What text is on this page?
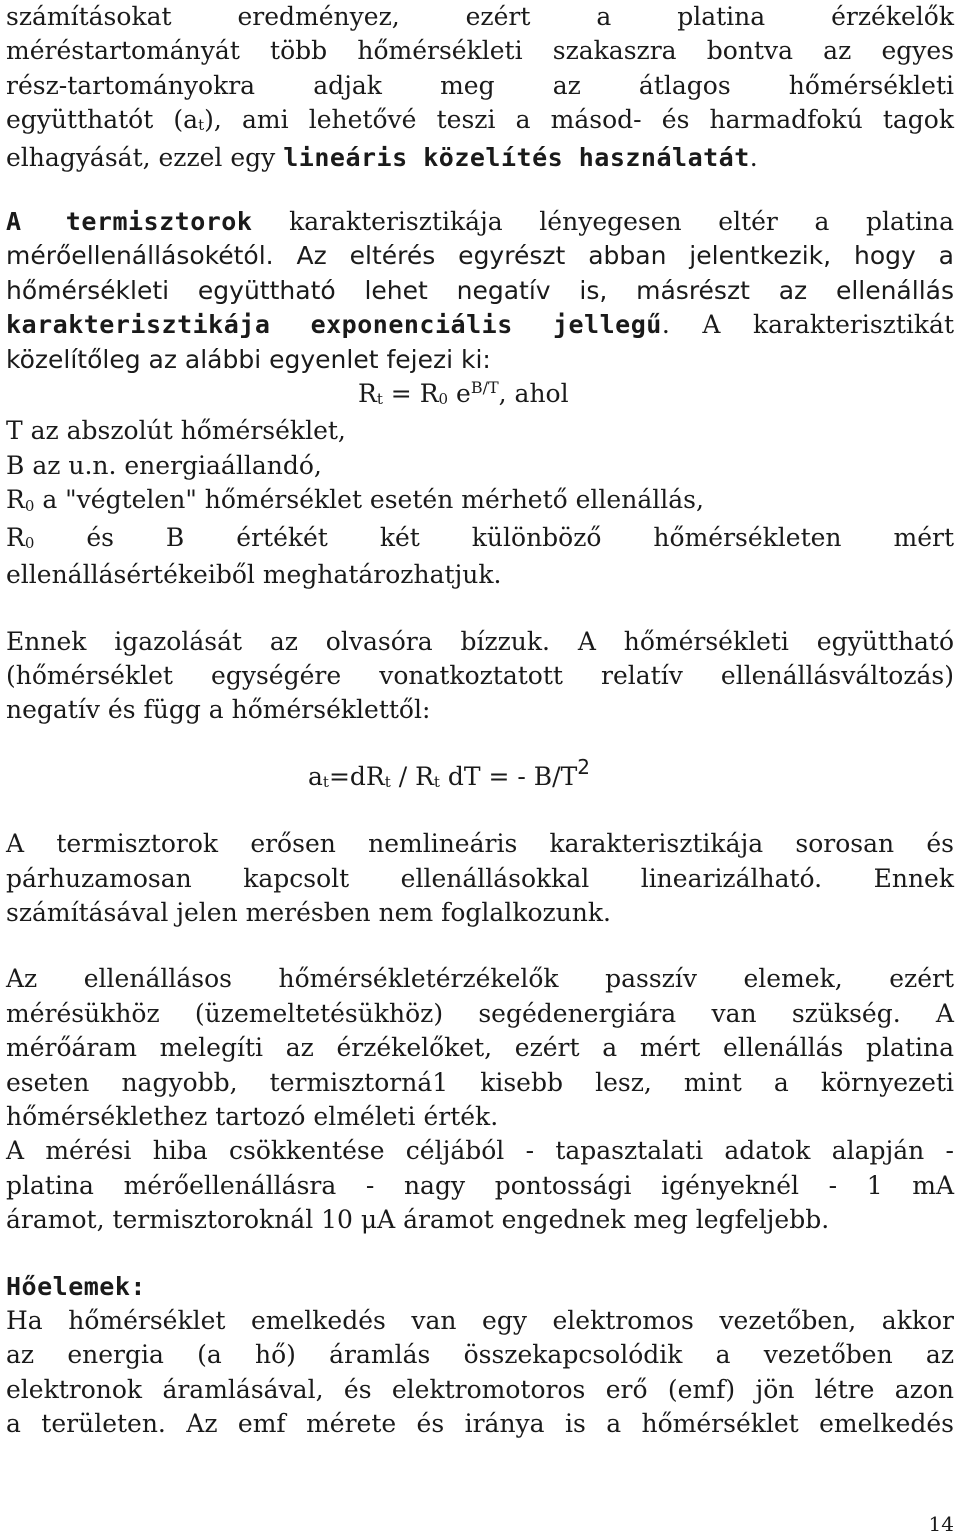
számításokat eredményez, ezért a platina érzékelők
méréstartományát több hőmérsékleti szakaszra bontva az egyes
rész-tartományokra adjak meg az átlagos hőmérsékleti
együtthatót (at), ami lehetővé teszi a másod- és harmadfokú tagok
elhagyását, ezzel egy lineáris közelítés használatát.
A termisztorok karakterisztikája lényegesen eltér a platina
mérőellenállásokétól. Az eltérés egyrészt abban jelentkezik, hogy a
hőmérsékleti együttható lehet negatív is, másrészt az ellenállás
karakterisztikája exponenciális jellegű. A karakterisztikát
közelítőleg az alábbi egyenlet fejezi ki:
Rt = R0 $e^{B/T}$, ahol
T az abszolút hőmérséklet,
B az u.n. energiaállandó,
R0 a "végtelen" hőmérséklet esetén mérhető ellenállás,
R0 és B értékét két különböző hőmérsékleten mért
ellenállásértékeiből meghatározhatjuk.
Ennek igazolását az olvasóra bízzuk. A hőmérsékleti együttható
(hőmérséklet egységére vonatkoztatott relatív ellenállásváltozás)
negatív és függ a hőmérséklettől:
at=dRt / Rt dT = - $B/T^2$
A termisztorok erősen nemlineáris karakterisztikája sorosan és
párhuzamosan kapcsolt ellenállásokkal linearizálható. Ennek
számításával jelen merésben nem foglalkozunk.
Az ellenállásos hőmérsékletérzékelők passzív elemek, ezért
mérésükhöz (üzemeltetésükhöz) segédenergiára van szükség. A
mérőáram melegíti az érzékelőket, ezért a mért ellenállás platina
eseten nagyobb, termisztorná1 kisebb lesz, mint a környezeti
hőmérséklethez tartozó elméleti érték.
A mérési hiba csökkentése céljából - tapasztalati adatok alapján -
platina mérőellenállásra - nagy pontossági igényeknél - 1 mA
áramot, termisztoroknál 10 μA áramot engednek meg legfeljebb.
Hőelemek:
Ha hőmérséklet emelkedés van egy elektromos vezetőben, akkor
az energia (a hő) áramlás összekapcsolódik a vezetőben az
elektronok áramlásával, és elektromotoros erő (emf) jön létre azon
a területen. Az emf mérete és iránya is a hőmérséklet emelkedés
14
